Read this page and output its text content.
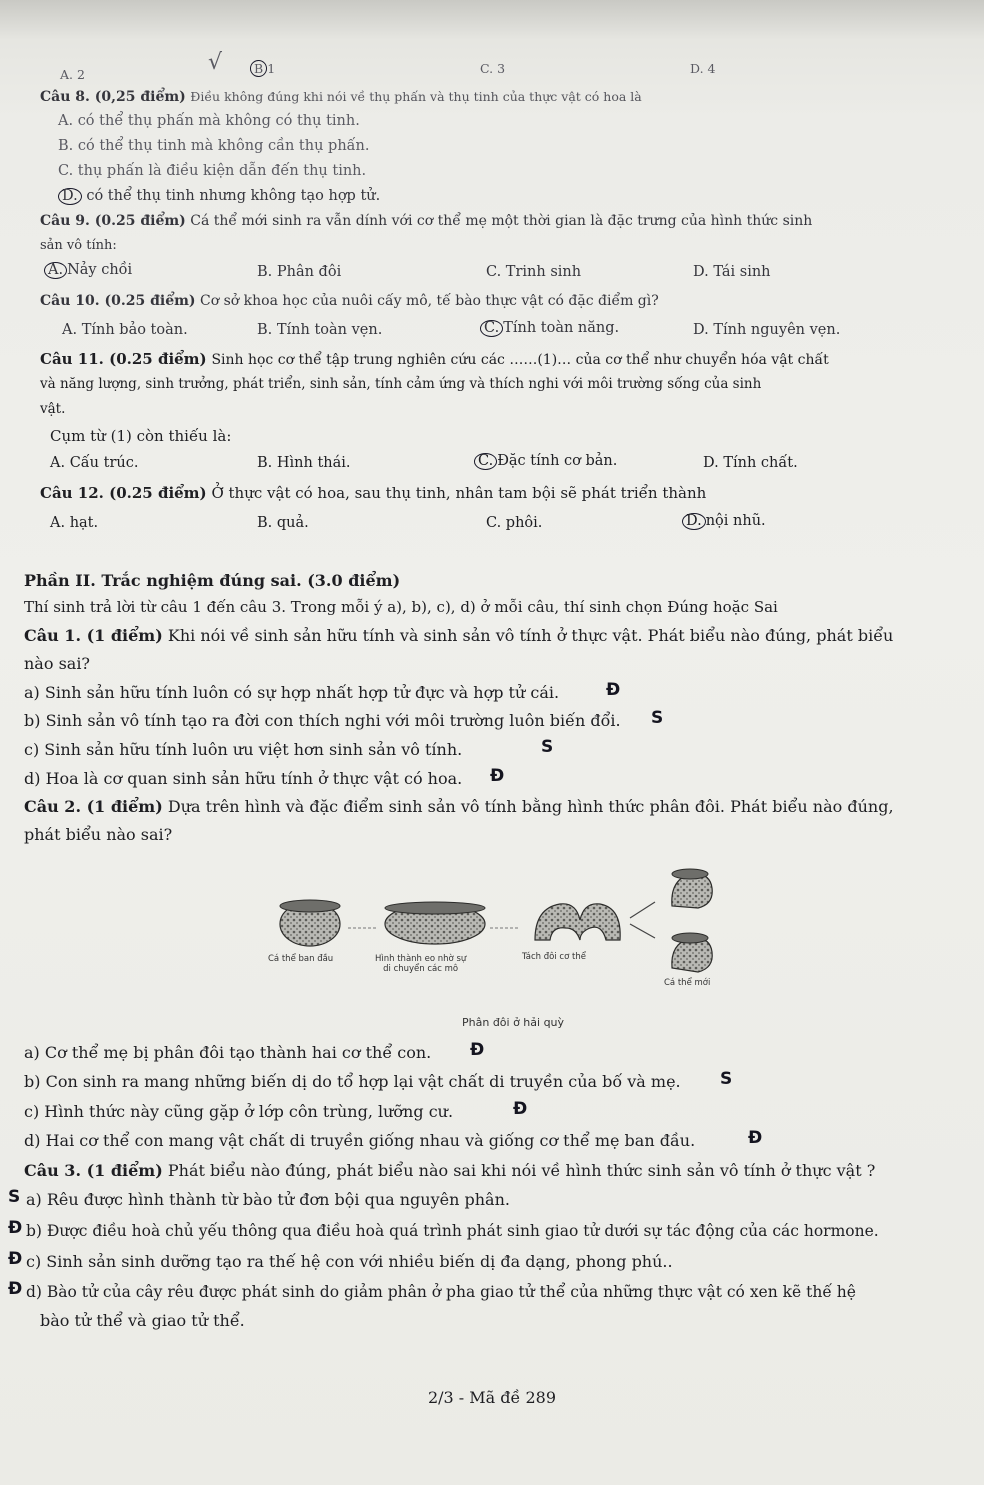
A. 2	√	B 1	C. 3	D. 4
Câu 8. (0,25 điểm) Điều không đúng khi nói về thụ phấn và thụ tinh của thực vật có hoa là
A. có thể thụ phấn mà không có thụ tinh.
B. có thể thụ tinh mà không cần thụ phấn.
C. thụ phấn là điều kiện dẫn đến thụ tinh.
D. có thể thụ tinh nhưng không tạo hợp tử.
Câu 9. (0.25 điểm) Cá thể mới sinh ra vẫn dính với cơ thể mẹ một thời gian là đặc trưng của hình thức sinh
sản vô tính:
A. Nảy chồi	B. Phân đôi	C. Trinh sinh	D. Tái sinh
Câu 10. (0.25 điểm) Cơ sở khoa học của nuôi cấy mô, tế bào thực vật có đặc điểm gì?
A. Tính bảo toàn.	B. Tính toàn vẹn.	C. Tính toàn năng.	D. Tính nguyên vẹn.
Câu 11. (0.25 điểm) Sinh học cơ thể tập trung nghiên cứu các ……(1)… của cơ thể như chuyển hóa vật chất
và năng lượng, sinh trưởng, phát triển, sinh sản, tính cảm ứng và thích nghi với môi trường sống của sinh
vật.
Cụm từ (1) còn thiếu là:
A. Cấu trúc.	B. Hình thái.	C. Đặc tính cơ bản.	D. Tính chất.
Câu 12. (0.25 điểm) Ở thực vật có hoa, sau thụ tinh, nhân tam bội sẽ phát triển thành
A. hạt.	B. quả.	C. phôi.	D. nội nhũ.
Phần II. Trắc nghiệm đúng sai. (3.0 điểm)
Thí sinh trả lời từ câu 1 đến câu 3. Trong mỗi ý a), b), c), d) ở mỗi câu, thí sinh chọn Đúng hoặc Sai
Câu 1. (1 điểm) Khi nói về sinh sản hữu tính và sinh sản vô tính ở thực vật. Phát biểu nào đúng, phát biểu
nào sai?
a) Sinh sản hữu tính luôn có sự hợp nhất hợp tử đực và hợp tử cái.	Đ
b) Sinh sản vô tính tạo ra đời con thích nghi với môi trường luôn biến đổi. S
c) Sinh sản hữu tính luôn ưu việt hơn sinh sản vô tính.	S
d) Hoa là cơ quan sinh sản hữu tính ở thực vật có hoa. Đ
Câu 2. (1 điểm) Dựa trên hình và đặc điểm sinh sản vô tính bằng hình thức phân đôi. Phát biểu nào đúng,
phát biểu nào sai?
Cá thể ban đầu	Hình thành eo nhờ sự
di chuyển các mô
Tách đôi cơ thể
Cá thể mới
Phân đôi ở hải quỳ
a) Cơ thể mẹ bị phân đôi tạo thành hai cơ thể con. Đ
b) Con sinh ra mang những biến dị do tổ hợp lại vật chất di truyền của bố và mẹ. S
c) Hình thức này cũng gặp ở lớp côn trùng, lưỡng cư.	Đ
d) Hai cơ thể con mang vật chất di truyền giống nhau và giống cơ thể mẹ ban đầu.	Đ
Câu 3. (1 điểm) Phát biểu nào đúng, phát biểu nào sai khi nói về hình thức sinh sản vô tính ở thực vật ?
S a) Rêu được hình thành từ bào tử đơn bội qua nguyên phân.
Đ b) Được điều hoà chủ yếu thông qua điều hoà quá trình phát sinh giao tử dưới sự tác động của các hormone.
Đ c) Sinh sản sinh dưỡng tạo ra thế hệ con với nhiều biến dị đa dạng, phong phú..
Đ d) Bào tử của cây rêu được phát sinh do giảm phân ở pha giao tử thể của những thực vật có xen kẽ thế hệ
bào tử thể và giao tử thể.
2/3 - Mã đề 289
